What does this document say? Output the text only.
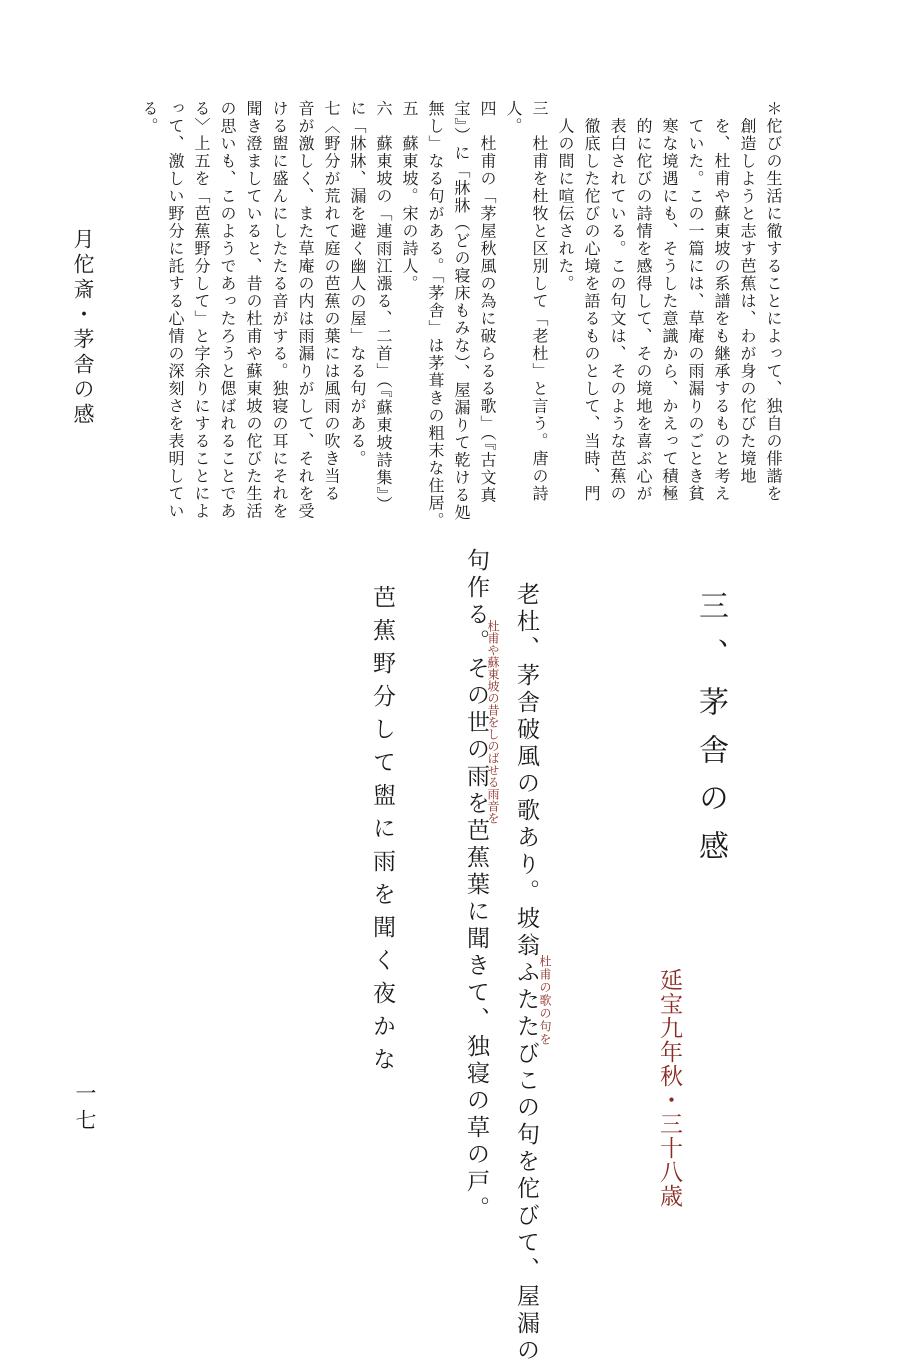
月佗斎・茅舎の感
一七
＊佗びの生活に徹することによって、独自の俳諧を
　創造しようと志す芭蕉は、わが身の佗びた境地
　を、杜甫や蘇東坡の系譜をも継承するものと考え
　ていた。この一篇には、草庵の雨漏りのごとき貧
　寒な境遇にも、そうした意識から、かえって積極
　的に佗びの詩情を感得して、その境地を喜ぶ心が
　表白されている。この句文は、そのような芭蕉の
　徹底した佗びの心境を語るものとして、当時、門
　人の間に喧伝された。
三　杜甫を杜牧と区別して「老杜」と言う。唐の詩
人。
四　杜甫の「茅屋秋風の為に破らるる歌」（『古文真
宝』）に「牀牀（どの寝床もみな）、屋漏りて乾ける処
無し」なる句がある。「茅舎」は茅葺きの粗末な住居。
五　蘇東坡。宋の詩人。
六　蘇東坡の「連雨江漲る、二首」（『蘇東坡詩集』）
に「牀牀、漏を避く幽人の屋」なる句がある。
七〈野分が荒れて庭の芭蕉の葉には風雨の吹き当る
音が激しく、また草庵の内は雨漏りがして、それを受
ける盥に盛んにしたたる音がする。独寝の耳にそれを
聞き澄ましていると、昔の杜甫や蘇東坡の佗びた生活
の思いも、このようであったろうと偲ばれることであ
る〉上五を「芭蕉野分して」と字余りにすることによ
って、激しい野分に託する心情の深刻さを表明してい
る。
三、茅舎の感
延宝九年秋・三十八歳
杜甫の歌の句を
老杜、茅舎破風の歌あり。坡翁ふたたびこの句を佗びて、屋漏の
杜甫や蘇東坡の昔をしのばせる雨音を
句作る。その世の雨を芭蕉葉に聞きて、独寝の草の戸。
芭蕉野分して盥に雨を聞く夜かな
